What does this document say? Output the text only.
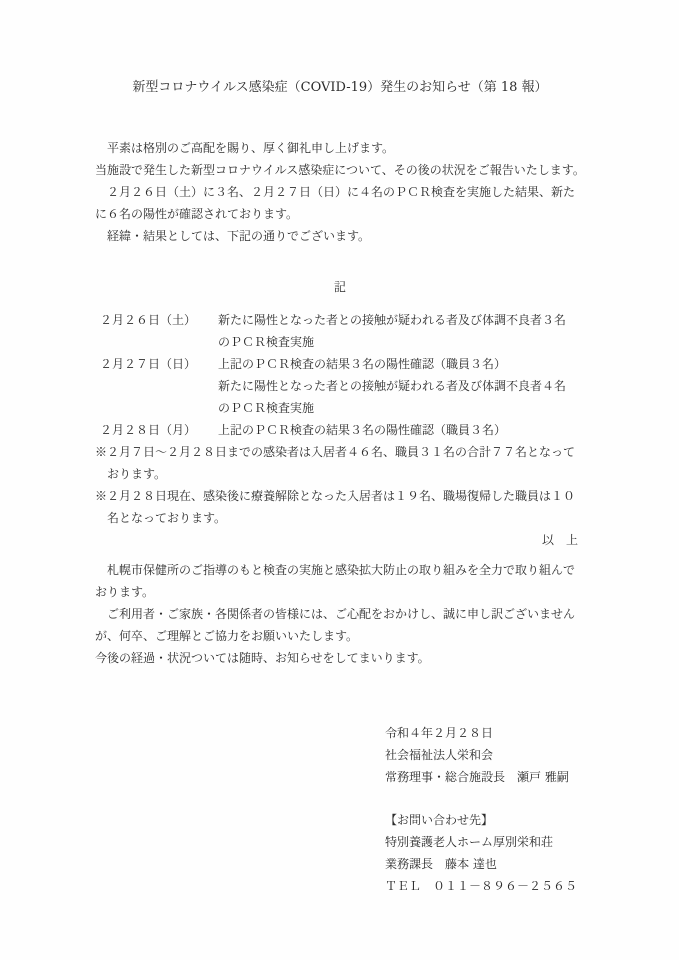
新型コロナウイルス感染症（COVID-19）発生のお知らせ（第 18 報）
　平素は格別のご高配を賜り、厚く御礼申し上げます。
当施設で発生した新型コロナウイルス感染症について、その後の状況をご報告いたします。
　２月２６日（土）に３名、２月２７日（日）に４名のＰＣＲ検査を実施した結果、新た
に６名の陽性が確認されております。
　経緯・結果としては、下記の通りでございます。
記
２月２６日（土）	新たに陽性となった者との接触が疑われる者及び体調不良者３名
のＰＣＲ検査実施
２月２７日（日）	上記のＰＣＲ検査の結果３名の陽性確認（職員３名）
新たに陽性となった者との接触が疑われる者及び体調不良者４名
のＰＣＲ検査実施
２月２８日（月）	上記のＰＣＲ検査の結果３名の陽性確認（職員３名）
※２月７日～２月２８日までの感染者は入居者４６名、職員３１名の合計７７名となって
　おります。
※２月２８日現在、感染後に療養解除となった入居者は１９名、職場復帰した職員は１０
　名となっております。
以　上
　札幌市保健所のご指導のもと検査の実施と感染拡大防止の取り組みを全力で取り組んで
おります。
　ご利用者・ご家族・各関係者の皆様には、ご心配をおかけし、誠に申し訳ございません
が、何卒、ご理解とご協力をお願いいたします。
今後の経過・状況ついては随時、お知らせをしてまいります。
令和４年２月２８日
社会福祉法人栄和会
常務理事・総合施設長　瀬戸 雅嗣
【お問い合わせ先】
特別養護老人ホーム厚別栄和荘
業務課長　藤本 達也
ＴＥＬ　０１１－８９６－２５６５
